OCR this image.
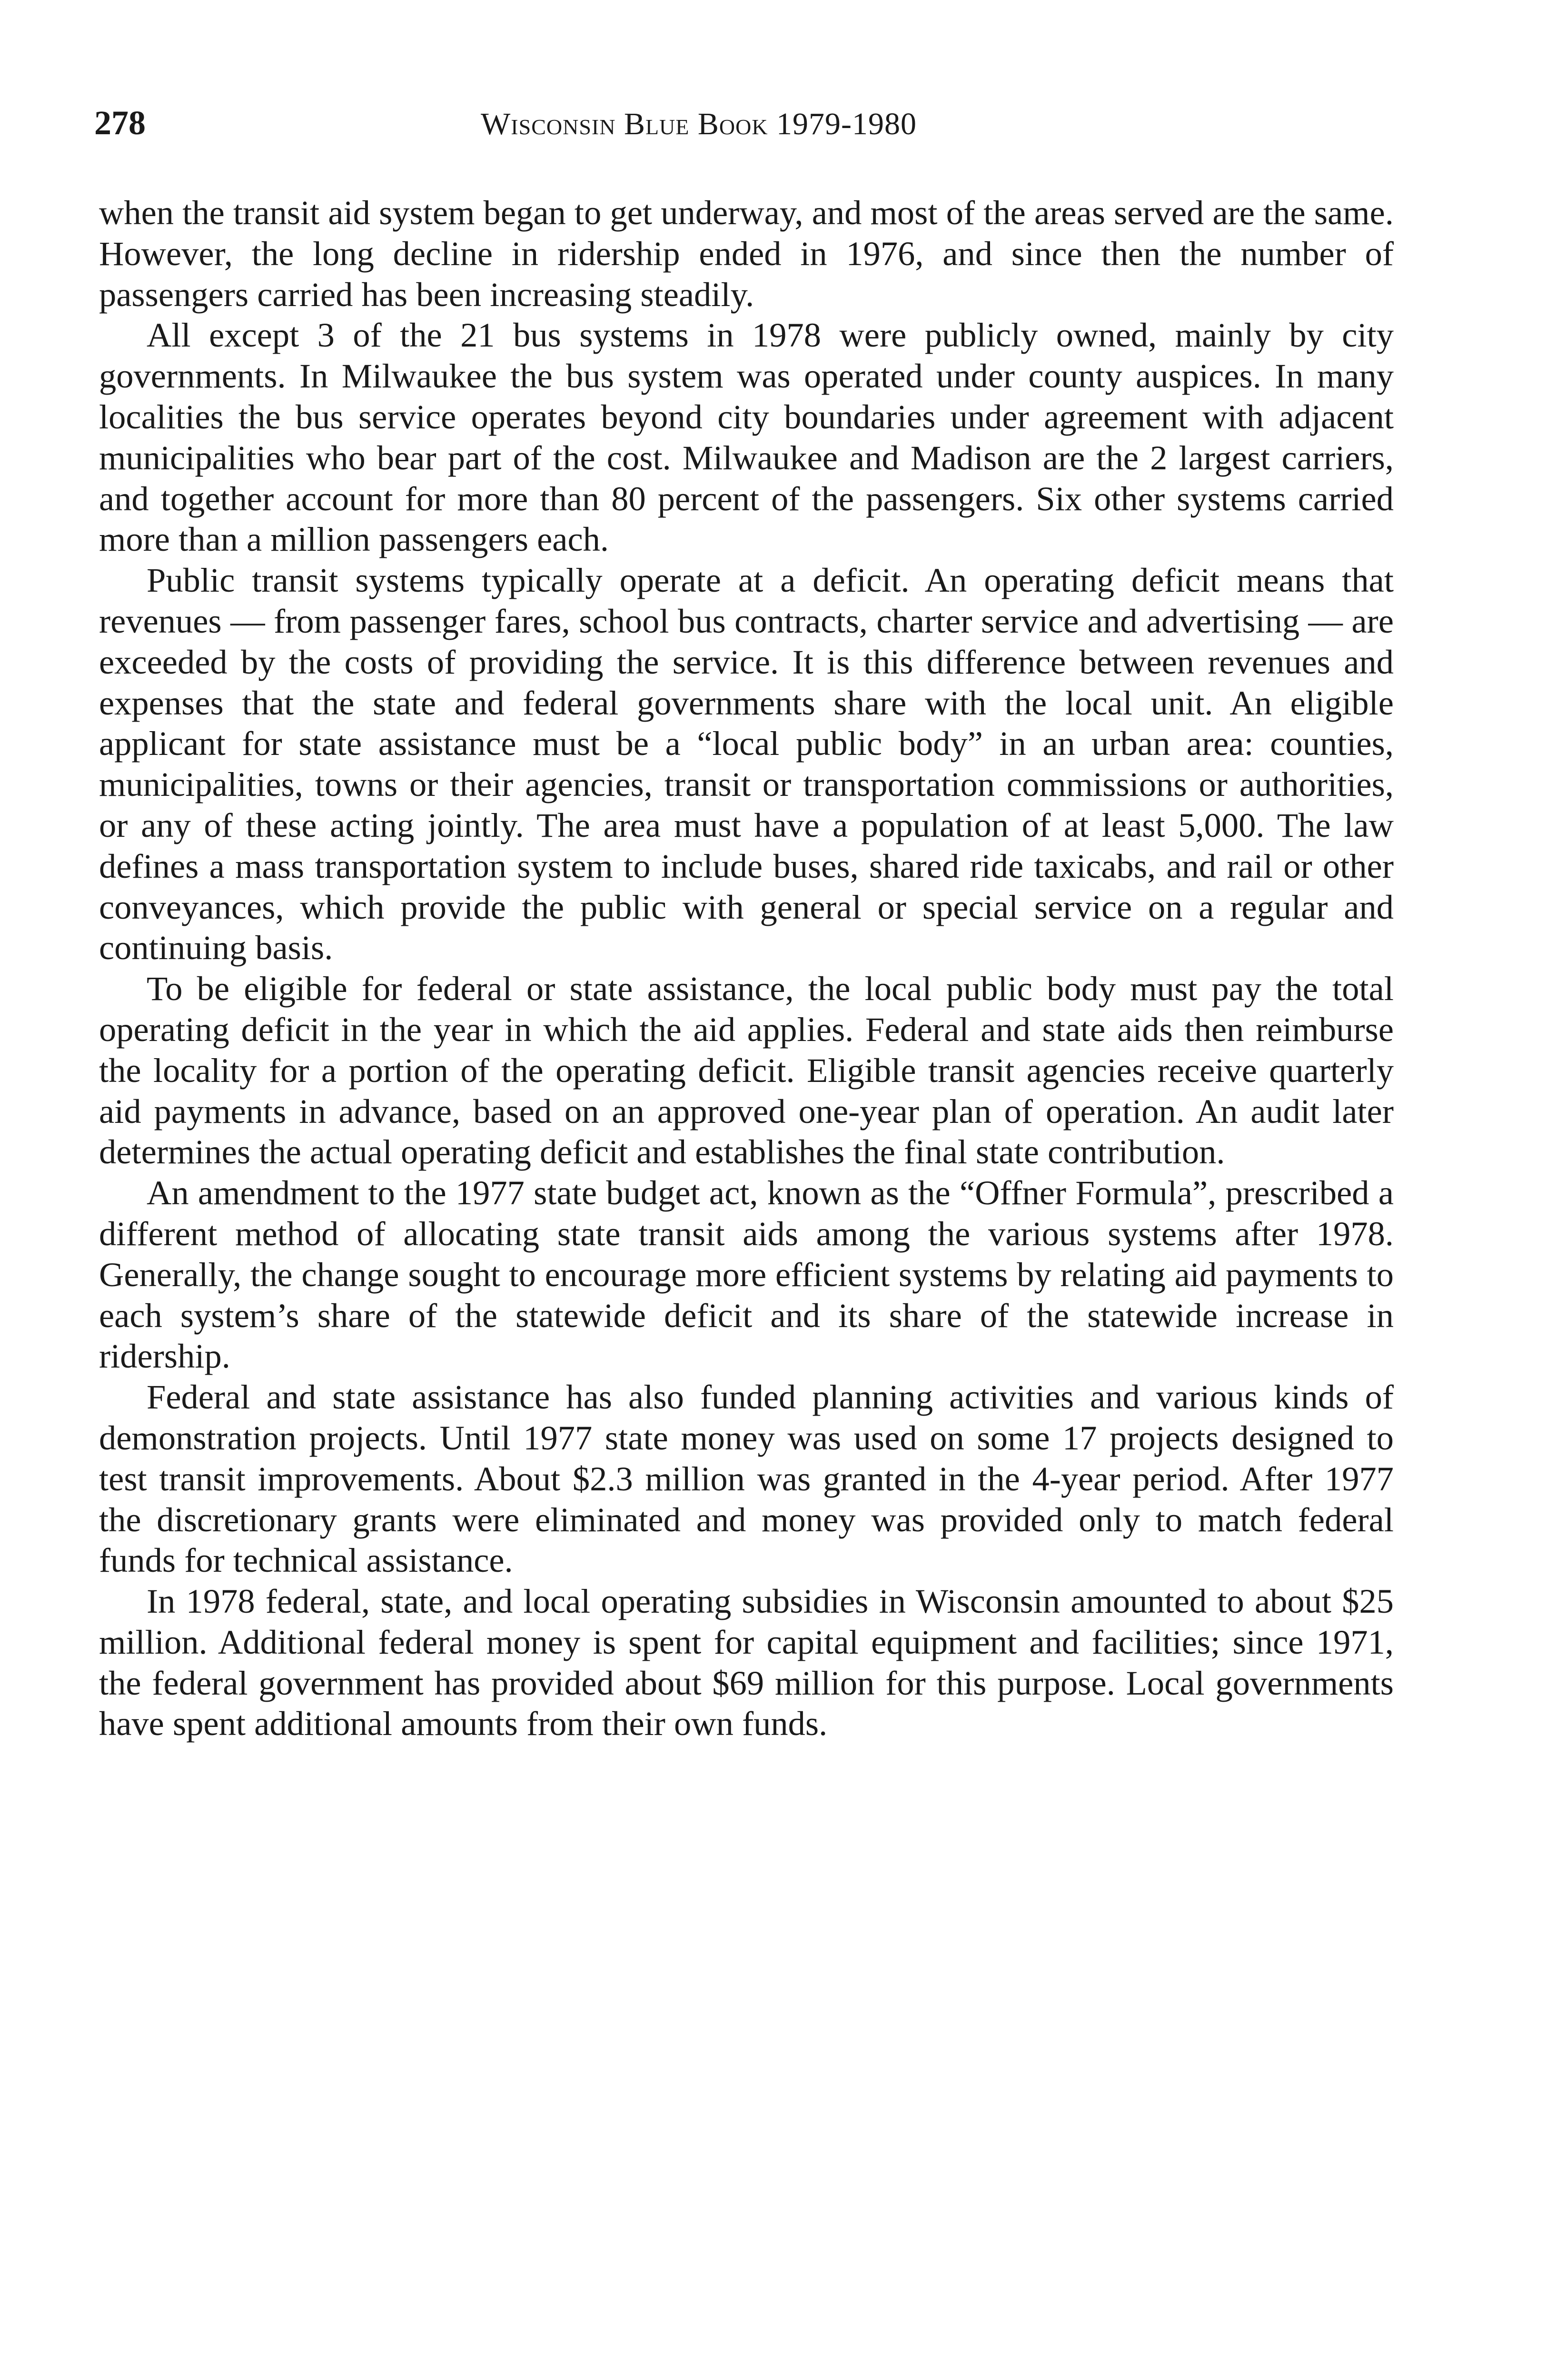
278	Wisconsin Blue Book 1979-1980

when the transit aid system began to get underway, and most of the areas served are the same. However, the long decline in ridership ended in 1976, and since then the number of passengers carried has been increasing steadily.

All except 3 of the 21 bus systems in 1978 were publicly owned, mainly by city governments. In Milwaukee the bus system was operated under county auspices. In many localities the bus service operates beyond city boundaries under agreement with adjacent municipalities who bear part of the cost. Milwaukee and Madison are the 2 largest carriers, and together account for more than 80 percent of the passengers. Six other systems carried more than a million passengers each.

Public transit systems typically operate at a deficit. An operating deficit means that revenues — from passenger fares, school bus contracts, charter service and advertising — are exceeded by the costs of providing the service. It is this difference between revenues and expenses that the state and federal governments share with the local unit. An eligible applicant for state assistance must be a “local public body” in an urban area: counties, municipalities, towns or their agencies, transit or transportation commissions or authorities, or any of these acting jointly. The area must have a population of at least 5,000. The law defines a mass transportation system to include buses, shared ride taxicabs, and rail or other conveyances, which provide the public with general or special service on a regular and continuing basis.

To be eligible for federal or state assistance, the local public body must pay the total operating deficit in the year in which the aid applies. Federal and state aids then reimburse the locality for a portion of the operating deficit. Eligible transit agencies receive quarterly aid payments in advance, based on an approved one-year plan of operation. An audit later determines the actual operating deficit and establishes the final state contribution.

An amendment to the 1977 state budget act, known as the “Offner Formula”, prescribed a different method of allocating state transit aids among the various systems after 1978. Generally, the change sought to encourage more efficient systems by relating aid payments to each system’s share of the statewide deficit and its share of the statewide increase in ridership.

Federal and state assistance has also funded planning activities and various kinds of demonstration projects. Until 1977 state money was used on some 17 projects designed to test transit improvements. About $2.3 million was granted in the 4-year period. After 1977 the discretionary grants were eliminated and money was provided only to match federal funds for technical assistance.

In 1978 federal, state, and local operating subsidies in Wisconsin amounted to about $25 million. Additional federal money is spent for capital equipment and facilities; since 1971, the federal government has provided about $69 million for this purpose. Local governments have spent additional amounts from their own funds.
